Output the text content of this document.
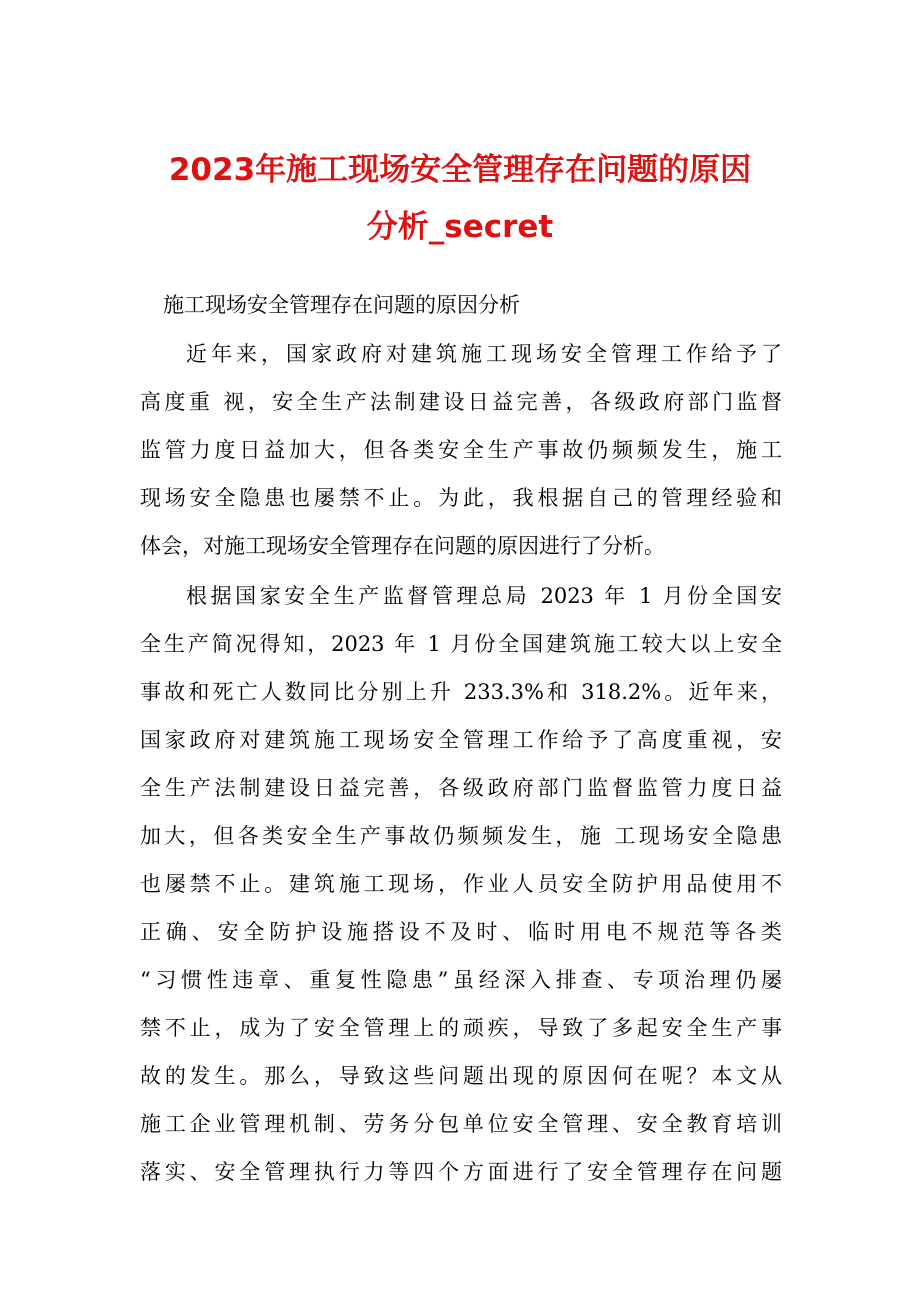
2023年施工现场安全管理存在问题的原因
分析_secret
施工现场安全管理存在问题的原因分析
近年来，国家政府对建筑施工现场安全管理工作给予了
高度重 视，安全生产法制建设日益完善，各级政府部门监督
监管力度日益加大，但各类安全生产事故仍频频发生，施工
现场安全隐患也屡禁不止。为此，我根据自己的管理经验和
体会，对施工现场安全管理存在问题的原因进行了分析。
根据国家安全生产监督管理总局 2023 年 1 月份全国安
全生产简况得知，2023 年 1 月份全国建筑施工较大以上安全
事故和死亡人数同比分别上升 233.3%和 318.2%。近年来，
国家政府对建筑施工现场安全管理工作给予了高度重视，安
全生产法制建设日益完善，各级政府部门监督监管力度日益
加大，但各类安全生产事故仍频频发生，施 工现场安全隐患
也屡禁不止。建筑施工现场，作业人员安全防护用品使用不
正确、安全防护设施搭设不及时、临时用电不规范等各类
“习惯性违章、重复性隐患”虽经深入排查、专项治理仍屡
禁不止，成为了安全管理上的顽疾，导致了多起安全生产事
故的发生。那么，导致这些问题出现的原因何在呢？本文从
施工企业管理机制、劳务分包单位安全管理、安全教育培训
落实、安全管理执行力等四个方面进行了安全管理存在问题
